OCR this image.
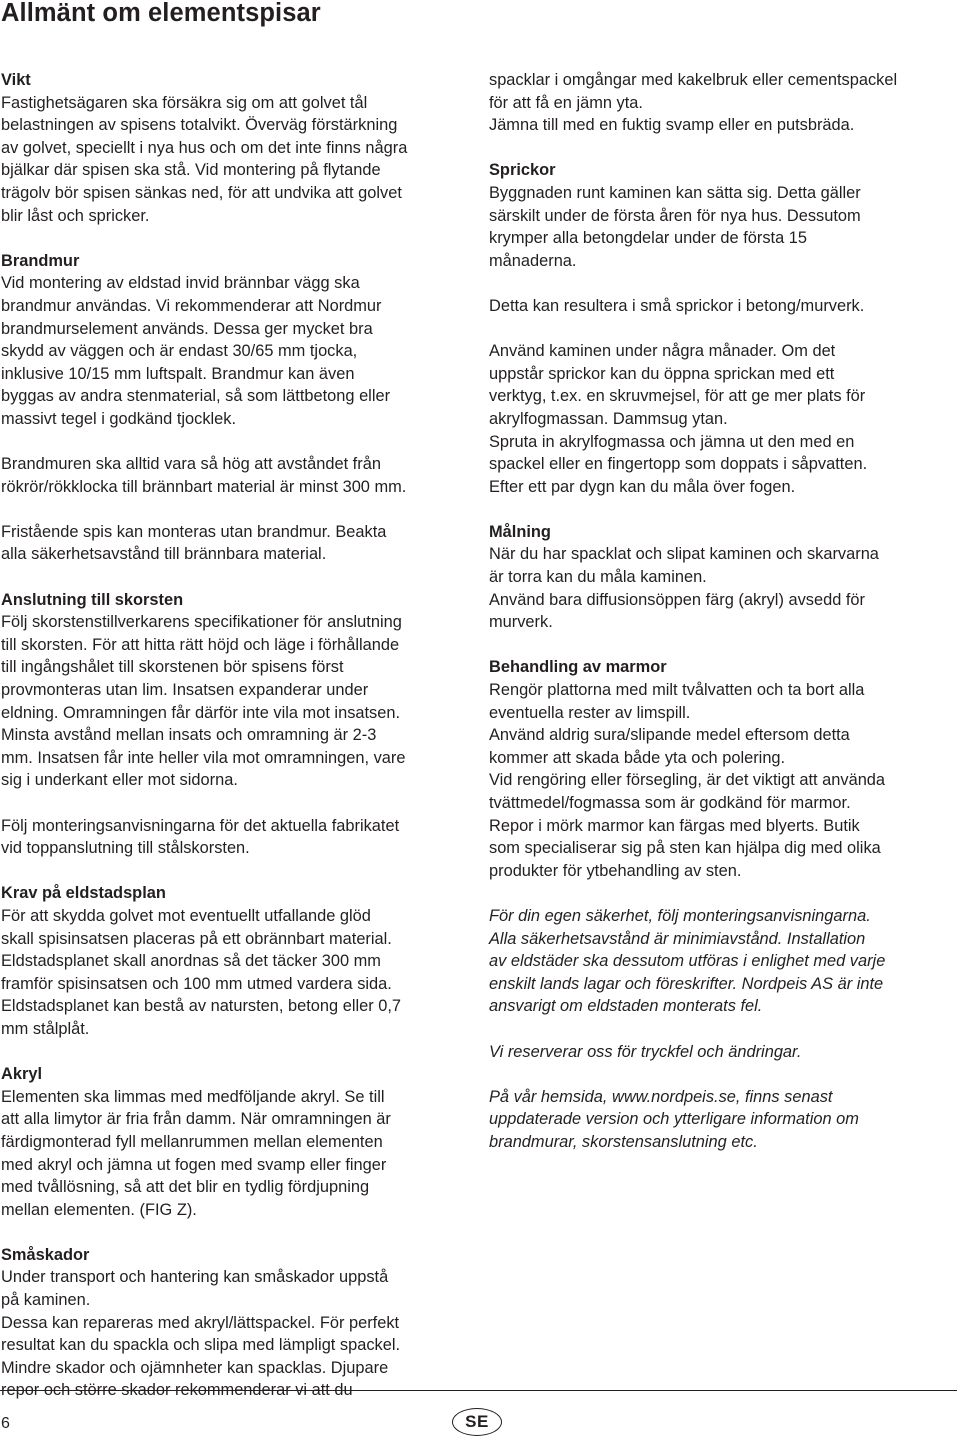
Allmänt om elementspisar
Vikt
Fastighetsägaren ska försäkra sig om att golvet tål
belastningen av spisens totalvikt. Överväg förstärkning
av golvet, speciellt i nya hus och om det inte finns några
bjälkar där spisen ska stå. Vid montering på flytande
trägolv bör spisen sänkas ned, för att undvika att golvet
blir låst och spricker.
Brandmur
Vid montering av eldstad invid brännbar vägg ska
brandmur användas. Vi rekommenderar att Nordmur
brandmurselement används. Dessa ger mycket bra
skydd av väggen och är endast 30/65 mm tjocka,
inklusive 10/15 mm luftspalt. Brandmur kan även
byggas av andra stenmaterial, så som lättbetong eller
massivt tegel i godkänd tjocklek.
Brandmuren ska alltid vara så hög att avståndet från
rökrör/rökklocka till brännbart material är minst 300 mm.
Fristående spis kan monteras utan brandmur. Beakta
alla säkerhetsavstånd till brännbara material.
Anslutning till skorsten
Följ skorstenstillverkarens specifikationer för anslutning
till skorsten. För att hitta rätt höjd och läge i förhållande
till ingångshålet till skorstenen bör spisens först
provmonteras utan lim. Insatsen expanderar under
eldning. Omramningen får därför inte vila mot insatsen.
Minsta avstånd mellan insats och omramning är 2-3
mm. Insatsen får inte heller vila mot omramningen, vare
sig i underkant eller mot sidorna.
Följ monteringsanvisningarna för det aktuella fabrikatet
vid toppanslutning till stålskorsten.
Krav på eldstadsplan
För att skydda golvet mot eventuellt utfallande glöd
skall spisinsatsen placeras på ett obrännbart material.
Eldstadsplanet skall anordnas så det täcker 300 mm
framför spisinsatsen och 100 mm utmed vardera sida.
Eldstadsplanet kan bestå av natursten, betong eller 0,7
mm stålplåt.
Akryl
Elementen ska limmas med medföljande akryl. Se till
att alla limytor är fria från damm. När omramningen är
färdigmonterad fyll mellanrummen mellan elementen
med akryl och jämna ut fogen med svamp eller finger
med tvållösning, så att det blir en tydlig fördjupning
mellan elementen. (FIG Z).
Småskador
Under transport och hantering kan småskador uppstå
på kaminen.
Dessa kan repareras med akryl/lättspackel. För perfekt
resultat kan du spackla och slipa med lämpligt spackel.
Mindre skador och ojämnheter kan spacklas. Djupare
repor och större skador rekommenderar vi att du
spacklar i omgångar med kakelbruk eller cementspackel
för att få en jämn yta.
Jämna till med en fuktig svamp eller en putsbräda.
Sprickor
Byggnaden runt kaminen kan sätta sig. Detta gäller
särskilt under de första åren för nya hus. Dessutom
krymper alla betongdelar under de första 15
månaderna.
Detta kan resultera i små sprickor i betong/murverk.
Använd kaminen under några månader. Om det
uppstår sprickor kan du öppna sprickan med ett
verktyg, t.ex. en skruvmejsel, för att ge mer plats för
akrylfogmassan. Dammsug ytan.
Spruta in akrylfogmassa och jämna ut den med en
spackel eller en fingertopp som doppats i såpvatten.
Efter ett par dygn kan du måla över fogen.
Målning
När du har spacklat och slipat kaminen och skarvarna
är torra kan du måla kaminen.
Använd bara diffusionsöppen färg (akryl) avsedd för
murverk.
Behandling av marmor
Rengör plattorna med milt tvålvatten och ta bort alla
eventuella rester av limspill.
Använd aldrig sura/slipande medel eftersom detta
kommer att skada både yta och polering.
Vid rengöring eller försegling, är det viktigt att använda
tvättmedel/fogmassa som är godkänd för marmor.
Repor i mörk marmor kan färgas med blyerts. Butik
som specialiserar sig på sten kan hjälpa dig med olika
produkter för ytbehandling av sten.
För din egen säkerhet, följ monteringsanvisningarna.
Alla säkerhetsavstånd är minimiavstånd. Installation
av eldstäder ska dessutom utföras i enlighet med varje
enskilt lands lagar och föreskrifter. Nordpeis AS är inte
ansvarigt om eldstaden monterats fel.
Vi reserverar oss för tryckfel och ändringar.
På vår hemsida, www.nordpeis.se, finns senast
uppdaterade version och ytterligare information om
brandmurar, skorstensanslutning etc.
6	SE
